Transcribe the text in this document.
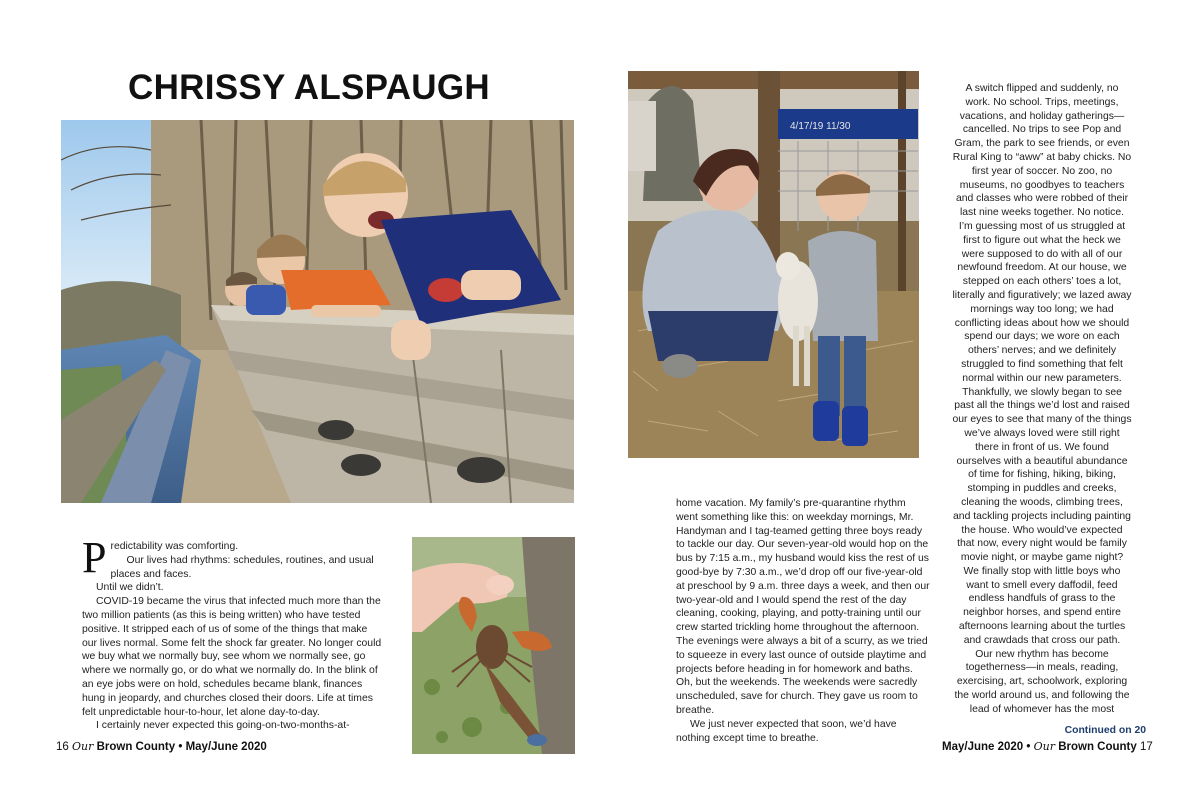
CHRISSY ALSPAUGH
4/17/19 11/30

P redictability was comforting.

Our lives had rhythms: schedules, routines, and usual places and faces.

Until we didn’t.

COVID-19 became the virus that infected much more than the two million patients (as this is being written) who have tested positive. It stripped each of us of some of the things that make our lives normal. Some felt the shock far greater. No longer could we buy what we normally buy, see whom we normally see, go where we normally go, or do what we normally do. In the blink of an eye jobs were on hold, schedules became blank, finances hung in jeopardy, and churches closed their doors. Life at times felt unpredictable hour-to-hour, let alone day-to-day.

I certainly never expected this going-on-two-months-at-

home vacation. My family’s pre-quarantine rhythm went something like this: on weekday mornings, Mr. Handyman and I tag-teamed getting three boys ready to tackle our day. Our seven-year-old would hop on the bus by 7:15 a.m., my husband would kiss the rest of us good-bye by 7:30 a.m., we’d drop off our five-year-old at preschool by 9 a.m. three days a week, and then our two-year-old and I would spend the rest of the day cleaning, cooking, playing, and potty-training until our crew started trickling home throughout the afternoon. The evenings were always a bit of a scurry, as we tried to squeeze in every last ounce of outside playtime and projects before heading in for homework and baths. Oh, but the weekends. The weekends were sacredly unscheduled, save for church. They gave us room to breathe.

We just never expected that soon, we’d have nothing except time to breathe.

A switch flipped and suddenly, no work. No school. Trips, meetings, vacations, and holiday gatherings—cancelled. No trips to see Pop and Gram, the park to see friends, or even Rural King to “aww” at baby chicks. No first year of soccer. No zoo, no museums, no goodbyes to teachers and classes who were robbed of their last nine weeks together. No notice.

I’m guessing most of us struggled at first to figure out what the heck we were supposed to do with all of our newfound freedom. At our house, we stepped on each others’ toes a lot, literally and figuratively; we lazed away mornings way too long; we had conflicting ideas about how we should spend our days; we wore on each others’ nerves; and we definitely struggled to find something that felt normal within our new parameters.

Thankfully, we slowly began to see past all the things we’d lost and raised our eyes to see that many of the things we’ve always loved were still right there in front of us. We found ourselves with a beautiful abundance of time for fishing, hiking, biking, stomping in puddles and creeks, cleaning the woods, climbing trees, and tackling projects including painting the house. Who would’ve expected that now, every night would be family movie night, or maybe game night? We finally stop with little boys who want to smell every daffodil, feed endless handfuls of grass to the neighbor horses, and spend entire afternoons learning about the turtles and crawdads that cross our path.

Our new rhythm has become togetherness—in meals, reading, exercising, art, schoolwork, exploring the world around us, and following the lead of whomever has the most

Continued on 20
16 Our Brown County • May/June 2020	May/June 2020 • Our Brown County 17
